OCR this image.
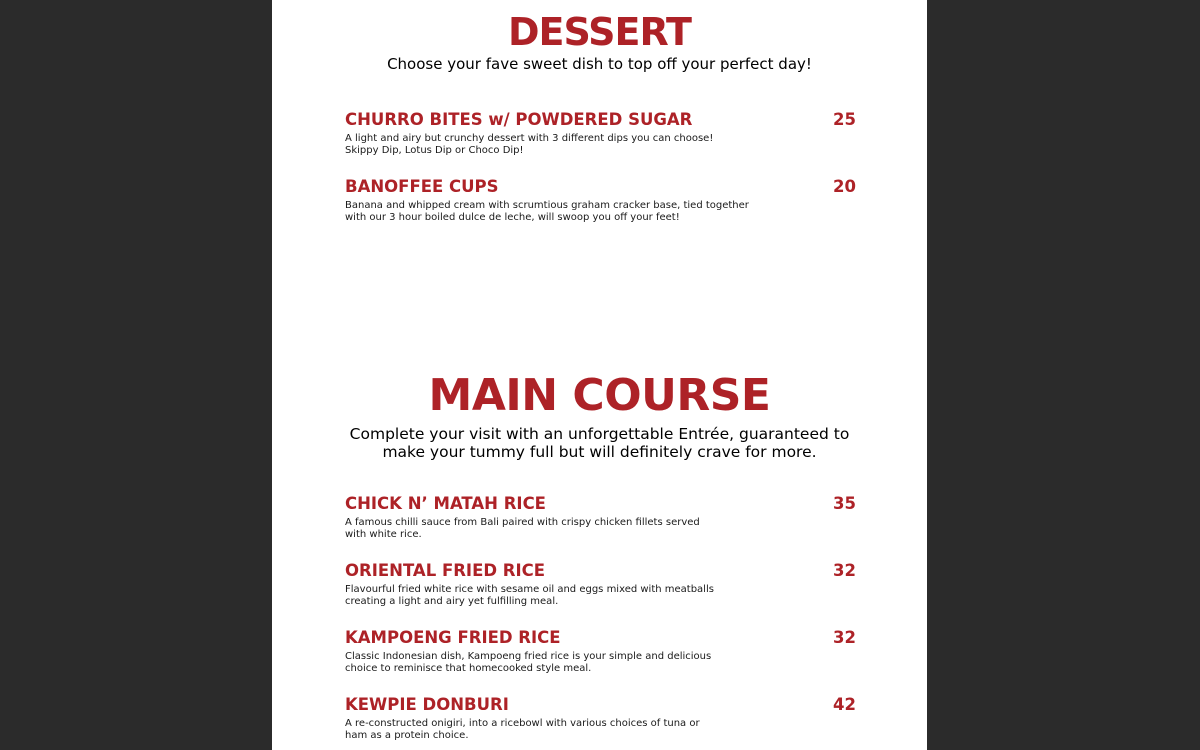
DESSERT

Choose your fave sweet dish to top off your perfect day!

CHURRO BITES w/ POWDERED SUGAR	25
A light and airy but crunchy dessert with 3 different dips you can choose!
Skippy Dip, Lotus Dip or Choco Dip!
BANOFFEE CUPS	20
Banana and whipped cream with scrumtious graham cracker base, tied together
with our 3 hour boiled dulce de leche, will swoop you off your feet!
MAIN COURSE

Complete your visit with an unforgettable Entrée, guaranteed to
make your tummy full but will definitely crave for more.

CHICK N’ MATAH RICE	35
A famous chilli sauce from Bali paired with crispy chicken fillets served
with white rice.
ORIENTAL FRIED RICE	32
Flavourful fried white rice with sesame oil and eggs mixed with meatballs
creating a light and airy yet fulfilling meal.
KAMPOENG FRIED RICE	32
Classic Indonesian dish, Kampoeng fried rice is your simple and delicious
choice to reminisce that homecooked style meal.
KEWPIE DONBURI	42
A re-constructed onigiri, into a ricebowl with various choices of tuna or
ham as a protein choice.
